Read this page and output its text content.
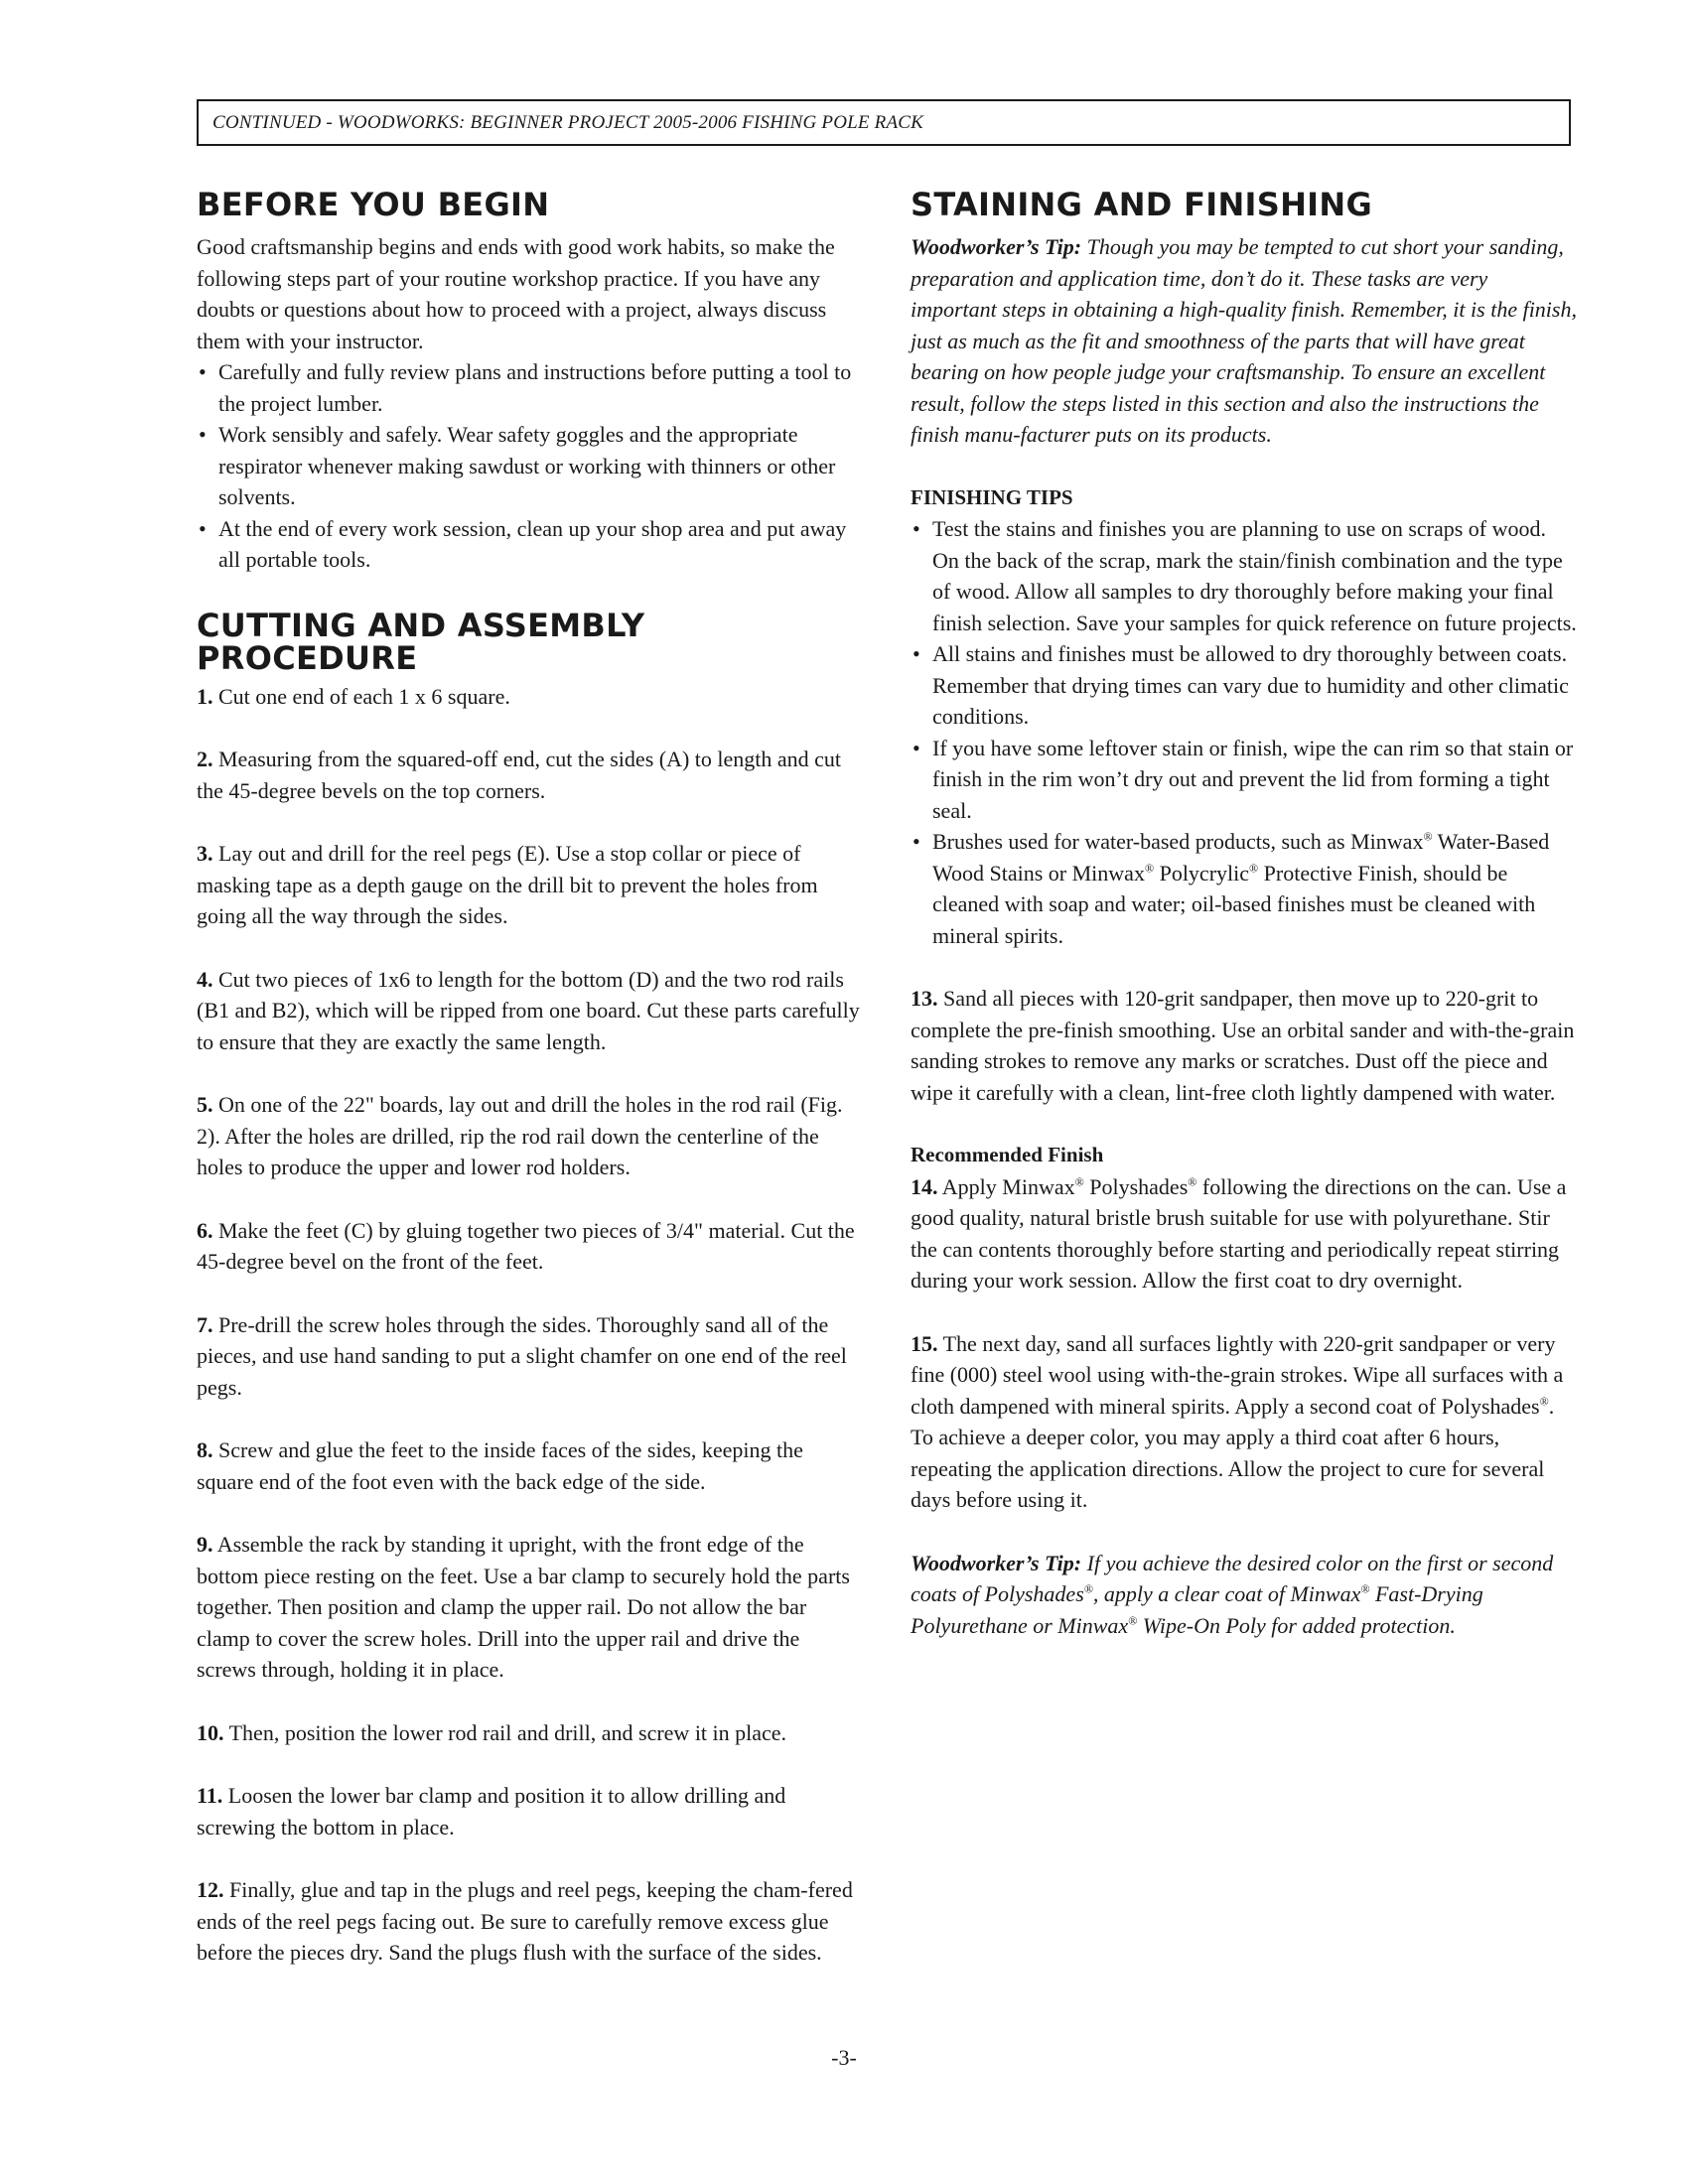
CONTINUED - WOODWORKS: BEGINNER PROJECT 2005-2006 FISHING POLE RACK
BEFORE YOU BEGIN

Good craftsmanship begins and ends with good work habits, so make the following steps part of your routine workshop practice. If you have any doubts or questions about how to proceed with a project, always discuss them with your instructor.

• Carefully and fully review plans and instructions before putting a tool to the project lumber.
• Work sensibly and safely. Wear safety goggles and the appropriate respirator whenever making sawdust or working with thinners or other solvents.
• At the end of every work session, clean up your shop area and put away all portable tools.
CUTTING AND ASSEMBLY
PROCEDURE

1. Cut one end of each 1 x 6 square.

2. Measuring from the squared-off end, cut the sides (A) to length and cut the 45-degree bevels on the top corners.

3. Lay out and drill for the reel pegs (E). Use a stop collar or piece of masking tape as a depth gauge on the drill bit to prevent the holes from going all the way through the sides.

4. Cut two pieces of 1x6 to length for the bottom (D) and the two rod rails (B1 and B2), which will be ripped from one board. Cut these parts carefully to ensure that they are exactly the same length.

5. On one of the 22" boards, lay out and drill the holes in the rod rail (Fig. 2). After the holes are drilled, rip the rod rail down the centerline of the holes to produce the upper and lower rod holders.

6. Make the feet (C) by gluing together two pieces of 3/4" material. Cut the 45-degree bevel on the front of the feet.

7. Pre-drill the screw holes through the sides. Thoroughly sand all of the pieces, and use hand sanding to put a slight chamfer on one end of the reel pegs.

8. Screw and glue the feet to the inside faces of the sides, keeping the square end of the foot even with the back edge of the side.

9. Assemble the rack by standing it upright, with the front edge of the bottom piece resting on the feet. Use a bar clamp to securely hold the parts together. Then position and clamp the upper rail. Do not allow the bar clamp to cover the screw holes. Drill into the upper rail and drive the screws through, holding it in place.

10. Then, position the lower rod rail and drill, and screw it in place.

11. Loosen the lower bar clamp and position it to allow drilling and screwing the bottom in place.

12. Finally, glue and tap in the plugs and reel pegs, keeping the cham-fered ends of the reel pegs facing out. Be sure to carefully remove excess glue before the pieces dry. Sand the plugs flush with the surface of the sides.

STAINING AND FINISHING

Woodworker’s Tip: Though you may be tempted to cut short your sanding, preparation and application time, don’t do it. These tasks are very important steps in obtaining a high-quality finish. Remember, it is the finish, just as much as the fit and smoothness of the parts that will have great bearing on how people judge your craftsmanship. To ensure an excellent result, follow the steps listed in this section and also the instructions the finish manu-facturer puts on its products.

FINISHING TIPS

• Test the stains and finishes you are planning to use on scraps of wood. On the back of the scrap, mark the stain/finish combination and the type of wood. Allow all samples to dry thoroughly before making your final finish selection. Save your samples for quick reference on future projects.
• All stains and finishes must be allowed to dry thoroughly between coats. Remember that drying times can vary due to humidity and other climatic conditions.
• If you have some leftover stain or finish, wipe the can rim so that stain or finish in the rim won’t dry out and prevent the lid from forming a tight seal.
• Brushes used for water-based products, such as Minwax® Water-Based Wood Stains or Minwax® Polycrylic® Protective Finish, should be cleaned with soap and water; oil-based finishes must be cleaned with mineral spirits.

13. Sand all pieces with 120-grit sandpaper, then move up to 220-grit to complete the pre-finish smoothing. Use an orbital sander and with-the-grain sanding strokes to remove any marks or scratches. Dust off the piece and wipe it carefully with a clean, lint-free cloth lightly dampened with water.

Recommended Finish

14. Apply Minwax® Polyshades® following the directions on the can. Use a good quality, natural bristle brush suitable for use with polyurethane. Stir the can contents thoroughly before starting and periodically repeat stirring during your work session. Allow the first coat to dry overnight.

15. The next day, sand all surfaces lightly with 220-grit sandpaper or very fine (000) steel wool using with-the-grain strokes. Wipe all surfaces with a cloth dampened with mineral spirits. Apply a second coat of Polyshades®. To achieve a deeper color, you may apply a third coat after 6 hours, repeating the application directions. Allow the project to cure for several days before using it.

Woodworker’s Tip: If you achieve the desired color on the first or second coats of Polyshades®, apply a clear coat of Minwax® Fast-Drying Polyurethane or Minwax® Wipe-On Poly for added protection.

-3-
